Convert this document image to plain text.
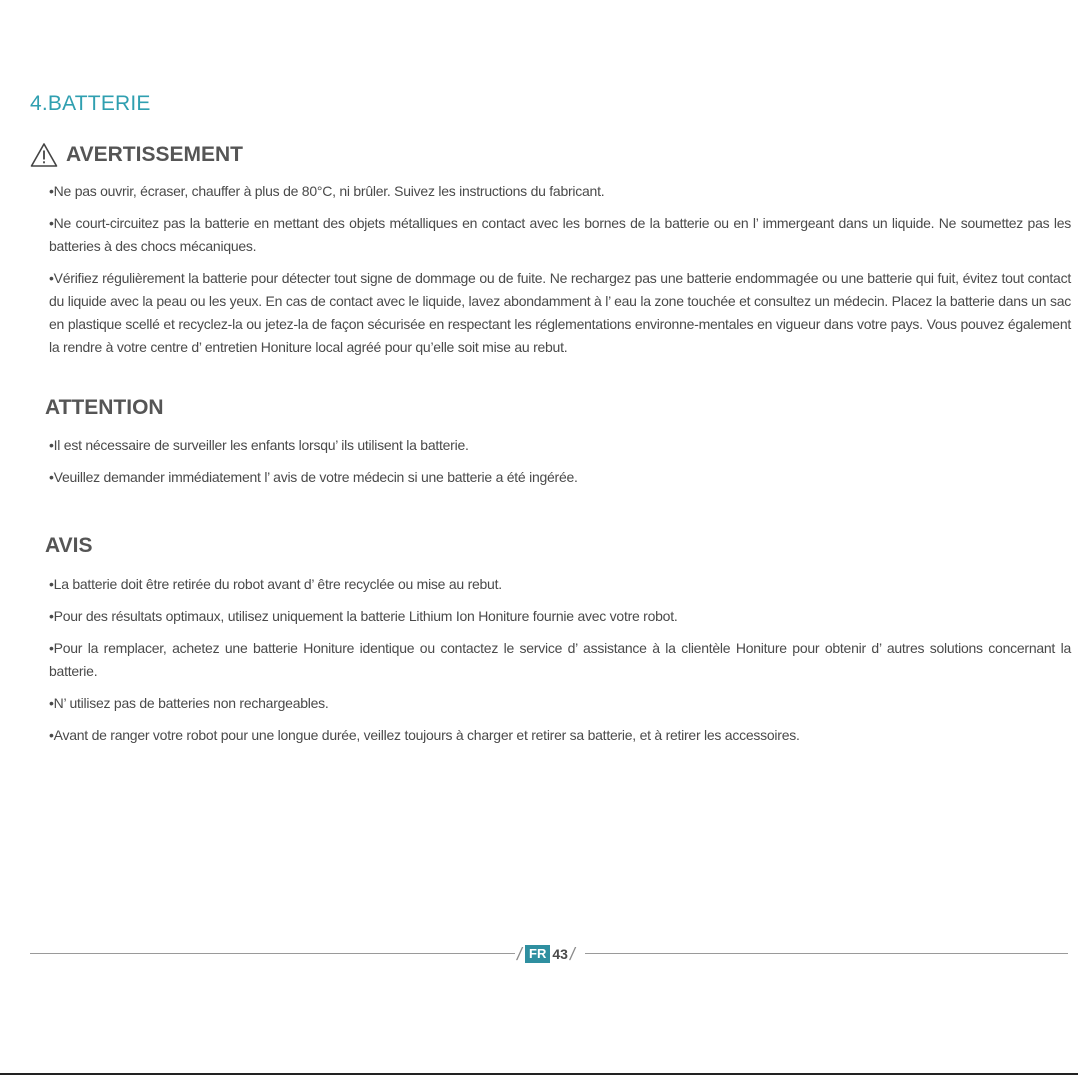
4.BATTERIE
AVERTISSEMENT
•Ne pas ouvrir, écraser, chauffer à plus de 80°C, ni brûler. Suivez les instructions du fabricant.
•Ne court-circuitez pas la batterie en mettant des objets métalliques en contact avec les bornes de la batterie ou en l’ immergeant dans un liquide. Ne soumettez pas les batteries à des chocs mécaniques.
•Vérifiez régulièrement la batterie pour détecter tout signe de dommage ou de fuite. Ne rechargez pas une batterie endommagée ou une batterie qui fuit, évitez tout contact du liquide avec la peau ou les yeux. En cas de contact avec le liquide, lavez abondamment à l’ eau la zone touchée et consultez un médecin. Placez la batterie dans un sac en plastique scellé et recyclez-la ou jetez-la de façon sécurisée en respectant les réglementations environne-mentales en vigueur dans votre pays. Vous pouvez également la rendre à votre centre d’ entretien Honiture local agréé pour qu’elle soit mise au rebut.
ATTENTION
•Il est nécessaire de surveiller les enfants lorsqu’ ils utilisent la batterie.
•Veuillez demander immédiatement l’ avis de votre médecin si une batterie a été ingérée.
AVIS
•La batterie doit être retirée du robot avant d’ être recyclée ou mise au rebut.
•Pour des résultats optimaux, utilisez uniquement la batterie Lithium Ion Honiture fournie avec votre robot.
•Pour la remplacer, achetez une batterie Honiture identique ou contactez le service d’ assistance à la clientèle Honiture pour obtenir d’ autres solutions concernant la batterie.
•N’ utilisez pas de batteries non rechargeables.
•Avant de ranger votre robot pour une longue durée, veillez toujours à charger et retirer sa batterie, et à retirer les accessoires.
/ FR 43 /
